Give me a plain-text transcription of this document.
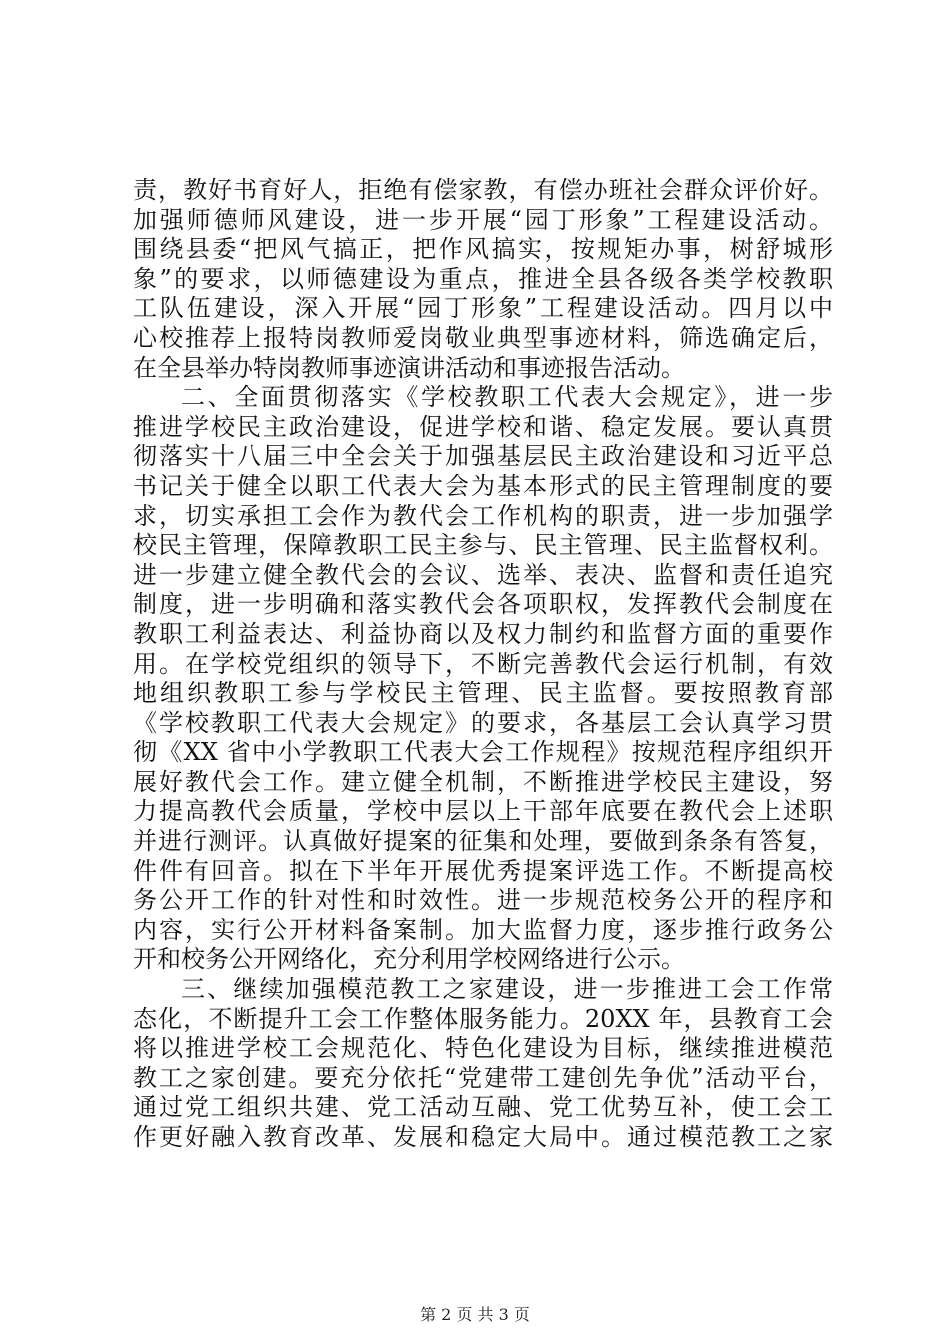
责，教好书育好人，拒绝有偿家教，有偿办班社会群众评价好。
加强师德师风建设，进一步开展“园丁形象”工程建设活动。
围绕县委“把风气搞正，把作风搞实，按规矩办事，树舒城形
象”的要求，以师德建设为重点，推进全县各级各类学校教职
工队伍建设，深入开展“园丁形象”工程建设活动。四月以中
心校推荐上报特岗教师爱岗敬业典型事迹材料，筛选确定后，
在全县举办特岗教师事迹演讲活动和事迹报告活动。
二、全面贯彻落实《学校教职工代表大会规定》，进一步
推进学校民主政治建设，促进学校和谐、稳定发展。要认真贯
彻落实十八届三中全会关于加强基层民主政治建设和习近平总
书记关于健全以职工代表大会为基本形式的民主管理制度的要
求，切实承担工会作为教代会工作机构的职责，进一步加强学
校民主管理，保障教职工民主参与、民主管理、民主监督权利。
进一步建立健全教代会的会议、选举、表决、监督和责任追究
制度，进一步明确和落实教代会各项职权，发挥教代会制度在
教职工利益表达、利益协商以及权力制约和监督方面的重要作
用。在学校党组织的领导下，不断完善教代会运行机制，有效
地组织教职工参与学校民主管理、民主监督。要按照教育部
《学校教职工代表大会规定》的要求，各基层工会认真学习贯
彻《XX 省中小学教职工代表大会工作规程》按规范程序组织开
展好教代会工作。建立健全机制，不断推进学校民主建设，努
力提高教代会质量，学校中层以上干部年底要在教代会上述职
并进行测评。认真做好提案的征集和处理，要做到条条有答复，
件件有回音。拟在下半年开展优秀提案评选工作。不断提高校
务公开工作的针对性和时效性。进一步规范校务公开的程序和
内容，实行公开材料备案制。加大监督力度，逐步推行政务公
开和校务公开网络化，充分利用学校网络进行公示。
三、继续加强模范教工之家建设，进一步推进工会工作常
态化，不断提升工会工作整体服务能力。20XX 年，县教育工会
将以推进学校工会规范化、特色化建设为目标，继续推进模范
教工之家创建。要充分依托“党建带工建创先争优”活动平台，
通过党工组织共建、党工活动互融、党工优势互补，使工会工
作更好融入教育改革、发展和稳定大局中。通过模范教工之家
第 2 页 共 3 页
